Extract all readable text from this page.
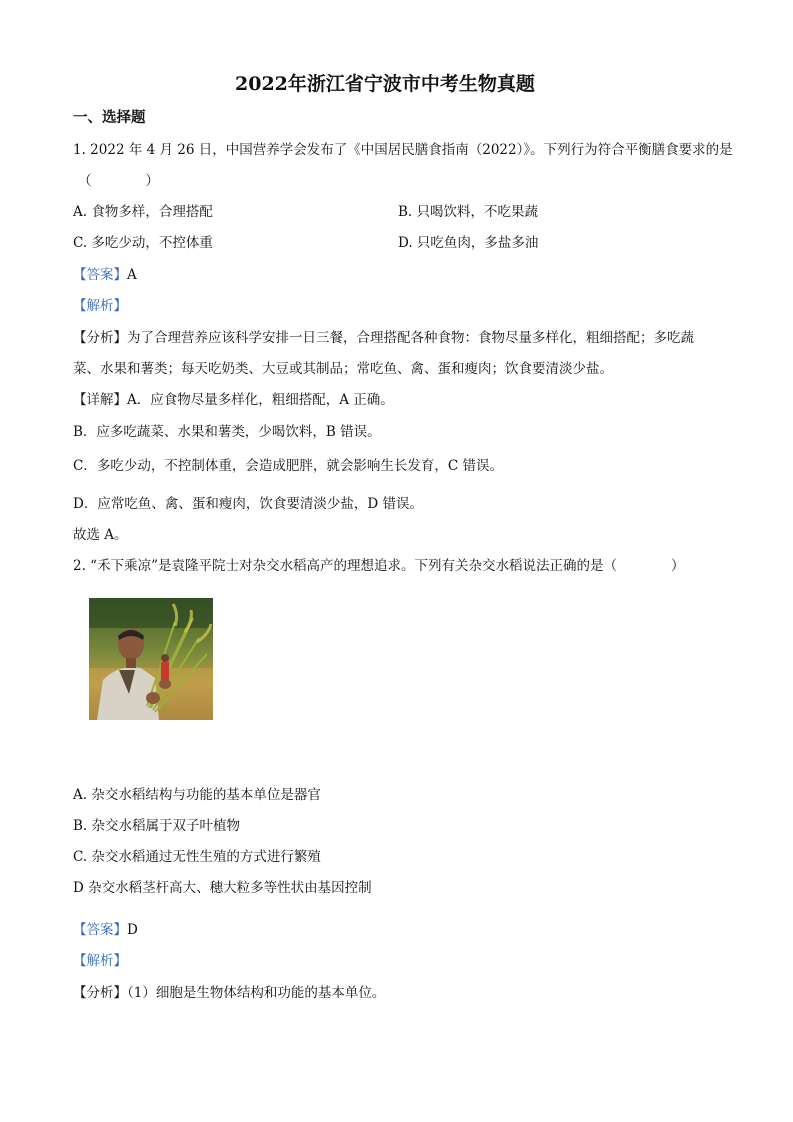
2022年浙江省宁波市中考生物真题
一、选择题
1. 2022 年 4 月 26 日，中国营养学会发布了《中国居民膳食指南（2022）》。下列行为符合平衡膳食要求的是
（　　　　）
A. 食物多样，合理搭配	B. 只喝饮料，不吃果蔬
C. 多吃少动，不控体重	D. 只吃鱼肉，多盐多油
【答案】A
【解析】
【分析】为了合理营养应该科学安排一日三餐，合理搭配各种食物：食物尽量多样化，粗细搭配；多吃蔬
菜、水果和薯类；每天吃奶类、大豆或其制品；常吃鱼、禽、蛋和瘦肉；饮食要清淡少盐。
【详解】A．应食物尽量多样化，粗细搭配，A 正确。
B．应多吃蔬菜、水果和薯类，少喝饮料，B 错误。
C．多吃少动，不控制体重，会造成肥胖，就会影响生长发育，C 错误。
D．应常吃鱼、禽、蛋和瘦肉，饮食要清淡少盐，D 错误。
故选 A。
2. “禾下乘凉”是袁隆平院士对杂交水稻高产的理想追求。下列有关杂交水稻说法正确的是（　　　　）
A. 杂交水稻结构与功能的基本单位是器官
B. 杂交水稻属于双子叶植物
C. 杂交水稻通过无性生殖的方式进行繁殖
D 杂交水稻茎杆高大、穗大粒多等性状由基因控制
【答案】D
【解析】
【分析】（1）细胞是生物体结构和功能的基本单位。
